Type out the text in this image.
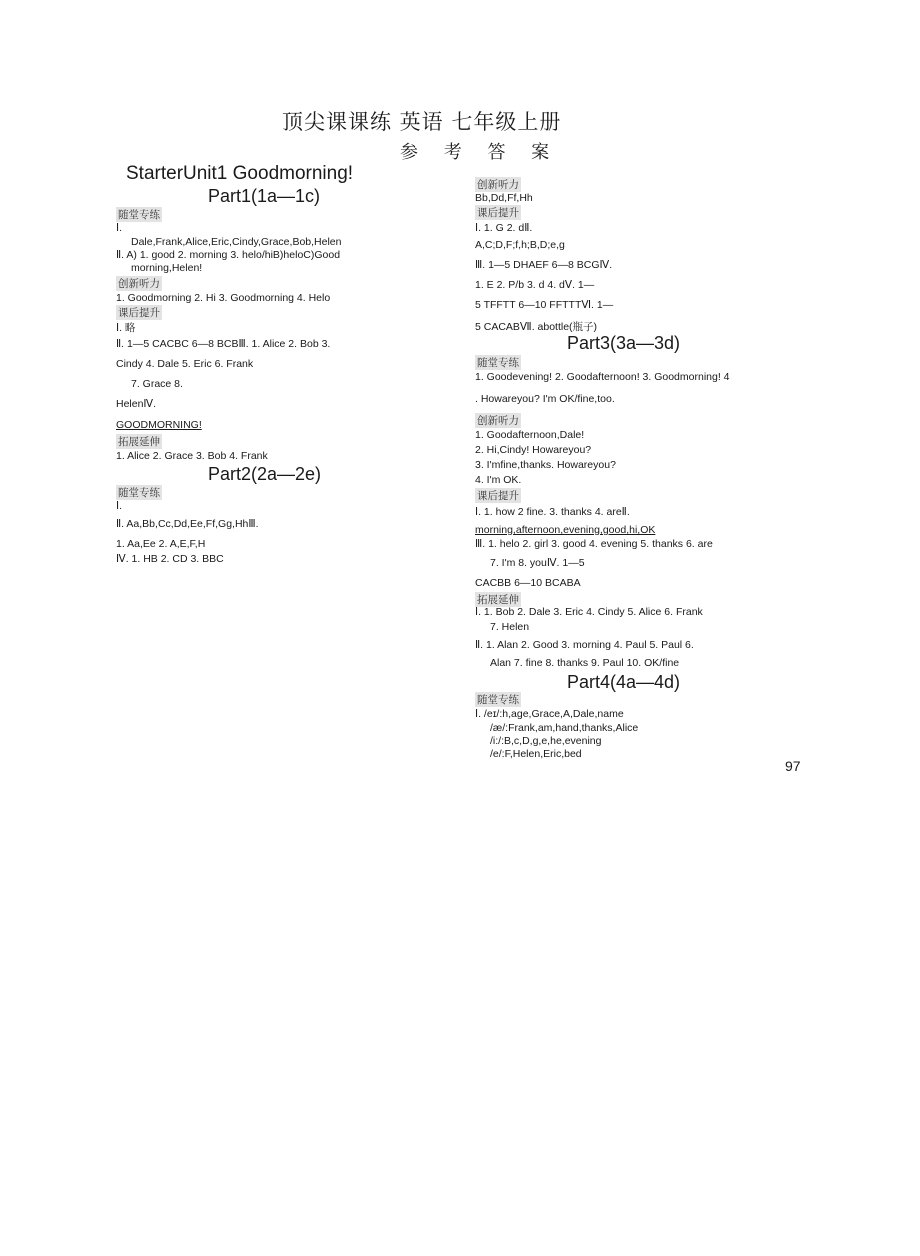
顶尖课课练 英语 七年级上册
参 考 答 案
StarterUnit1 Goodmorning!
Part1(1a—1c)
随堂专练
Ⅰ.
Dale,Frank,Alice,Eric,Cindy,Grace,Bob,Helen
Ⅱ. A) 1. good 2. morning 3. helo/hiB)heloC)Good
morning,Helen!
创新听力
1. Goodmorning 2. Hi 3. Goodmorning 4. Helo
课后提升
Ⅰ. 略
Ⅱ. 1—5 CACBC 6—8 BCBⅢ. 1. Alice 2. Bob 3.
Cindy 4. Dale 5. Eric 6. Frank
7. Grace 8.
HelenⅣ.
GOODMORNING!
拓展延伸
1. Alice 2. Grace 3. Bob 4. Frank
Part2(2a—2e)
随堂专练
Ⅰ.
Ⅱ. Aa,Bb,Cc,Dd,Ee,Ff,Gg,HhⅢ.
1. Aa,Ee 2. A,E,F,H
Ⅳ. 1. HB 2. CD 3. BBC
创新听力
Bb,Dd,Ff,Hh
课后提升
Ⅰ. 1. G 2. dⅡ.
A,C;D,F;f,h;B,D;e,g
Ⅲ. 1—5 DHAEF 6—8 BCGⅣ.
1. E 2. P/b 3. d 4. dⅤ. 1—
5 TFFTT 6—10 FFTTTⅥ. 1—
5 CACABⅦ. abottle(瓶子)
Part3(3a—3d)
随堂专练
1. Goodevening! 2. Goodafternoon! 3. Goodmorning! 4
. Howareyou? I'm OK/fine,too.
创新听力
1. Goodafternoon,Dale!
2. Hi,Cindy! Howareyou?
3. I'mfine,thanks. Howareyou?
4. I'm OK.
课后提升
Ⅰ. 1. how 2 fine. 3. thanks 4. areⅡ.
morning,afternoon,evening,good,hi,OK
Ⅲ. 1. helo 2. girl 3. good 4. evening 5. thanks 6. are
7. I'm 8. youⅣ. 1—5
CACBB 6—10 BCABA
拓展延伸
Ⅰ. 1. Bob 2. Dale 3. Eric 4. Cindy 5. Alice 6. Frank
7. Helen
Ⅱ. 1. Alan 2. Good 3. morning 4. Paul 5. Paul 6.
Alan 7. fine 8. thanks 9. Paul 10. OK/fine
Part4(4a—4d)
随堂专练
Ⅰ. /eɪ/:h,age,Grace,A,Dale,name
/æ/:Frank,am,hand,thanks,Alice
/i:/:B,c,D,g,e,he,evening
/e/:F,Helen,Eric,bed
97
